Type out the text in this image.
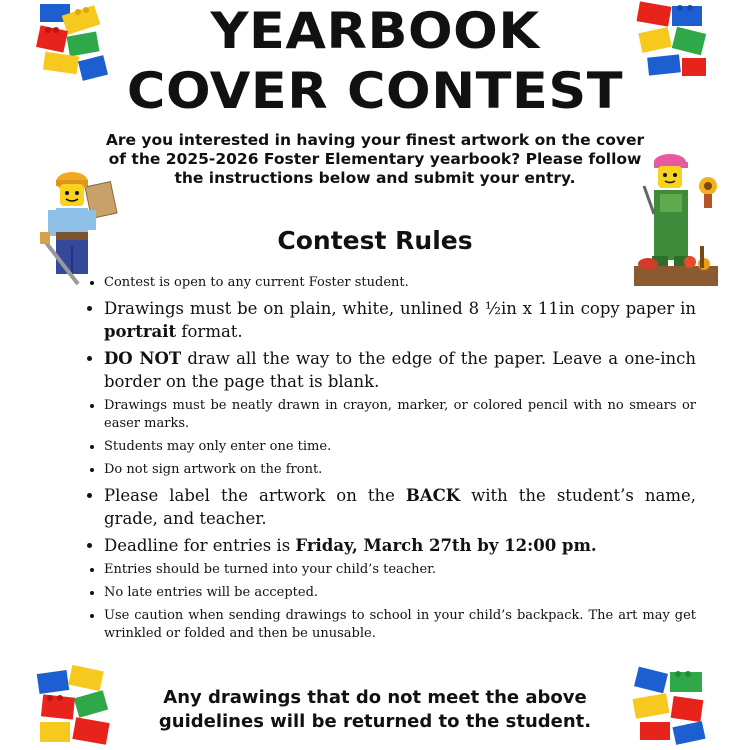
YEARBOOK
COVER CONTEST
Are you interested in having your finest artwork on the cover of the 2025-2026 Foster Elementary yearbook? Please follow the instructions below and submit your entry.
Contest Rules
• Contest is open to any current Foster student.
• Drawings must be on plain, white, unlined 8 ½in x 11in copy paper in portrait format.
• DO NOT draw all the way to the edge of the paper. Leave a one-inch border on the page that is blank.
• Drawings must be neatly drawn in crayon, marker, or colored pencil with no smears or easer marks.
• Students may only enter one time.
• Do not sign artwork on the front.
• Please label the artwork on the BACK with the student’s name, grade, and teacher.
• Deadline for entries is Friday, March 27th by 12:00 pm.
• Entries should be turned into your child’s teacher.
• No late entries will be accepted.
• Use caution when sending drawings to school in your child’s backpack. The art may get wrinkled or folded and then be unusable.
Any drawings that do not meet the above guidelines will be returned to the student.
